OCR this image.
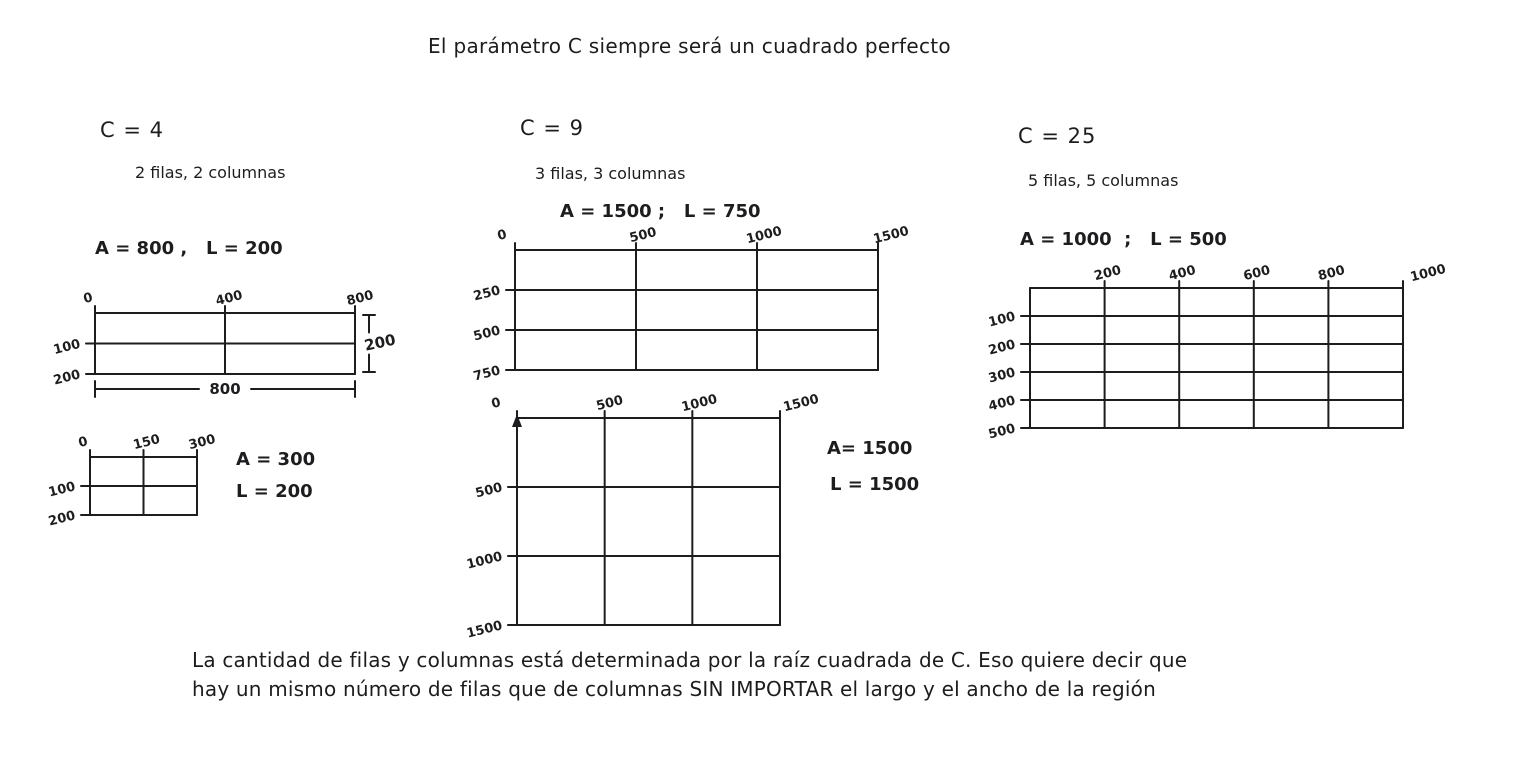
El parámetro C siempre será un cuadrado perfecto
C = 4
2 filas, 2 columnas
A = 800 ,   L = 200
C = 9
3 filas, 3 columnas
A = 1500 ;   L = 750
C = 25
5 filas, 5 columnas
A = 1000  ;   L = 500
0	400	800
100
200
800
200
0	150 300
100
200
A = 300
L = 200
0	500	1000	1500
250
500
750
0	500	1000	1500
500
1000
1500
A= 1500
L = 1500
200	400	600	800	1000
100
200
300
400
500
La cantidad de filas y columnas está determinada por la raíz cuadrada de C. Eso quiere decir que
hay un mismo número de filas que de columnas SIN IMPORTAR el largo y el ancho de la región
